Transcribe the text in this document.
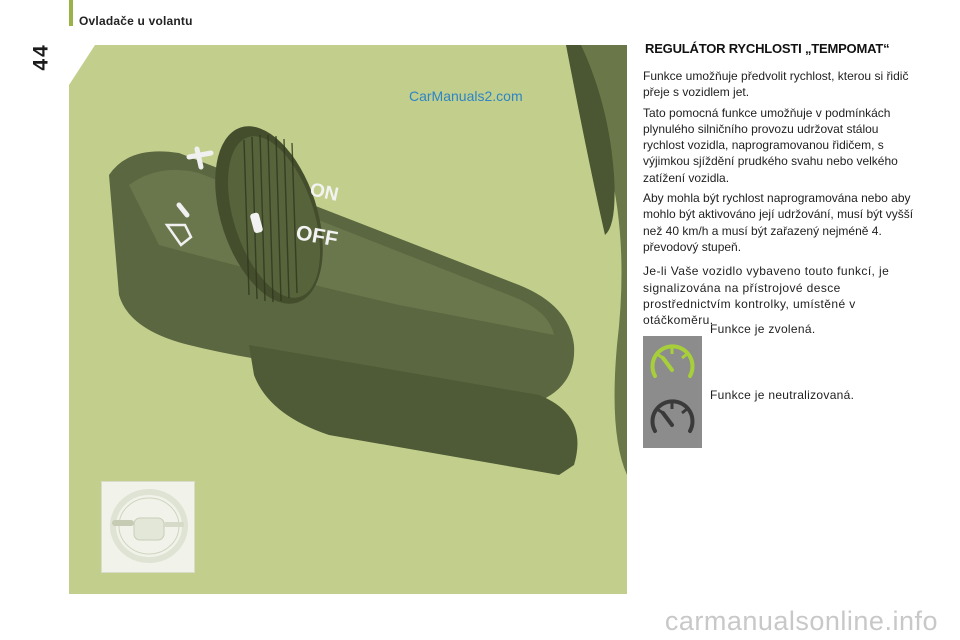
Ovladače u volantu
44
ON
OFF
CarManuals2.com
REGULÁTOR RYCHLOSTI „TEMPOMAT“

Funkce umožňuje předvolit rychlost, kterou si řidič přeje s vozidlem jet.

Tato pomocná funkce umožňuje v podmínkách plynulého silničního provozu udržovat stálou rychlost vozidla, naprogramovanou řidičem, s výjimkou sjíždění prudkého svahu nebo velkého zatížení vozidla.

Aby mohla být rychlost naprogramována nebo aby mohlo být aktivováno její udržování, musí být vyšší než 40 km/h a musí být zařazený nejméně 4. převodový stupeň.

Je-li Vaše vozidlo vybaveno touto funkcí, je signalizována na přístrojové desce prostřednictvím kontrolky, umístěné v otáčkoměru.

Funkce je zvolená.
Funkce je neutralizovaná.
carmanualsonline.info
